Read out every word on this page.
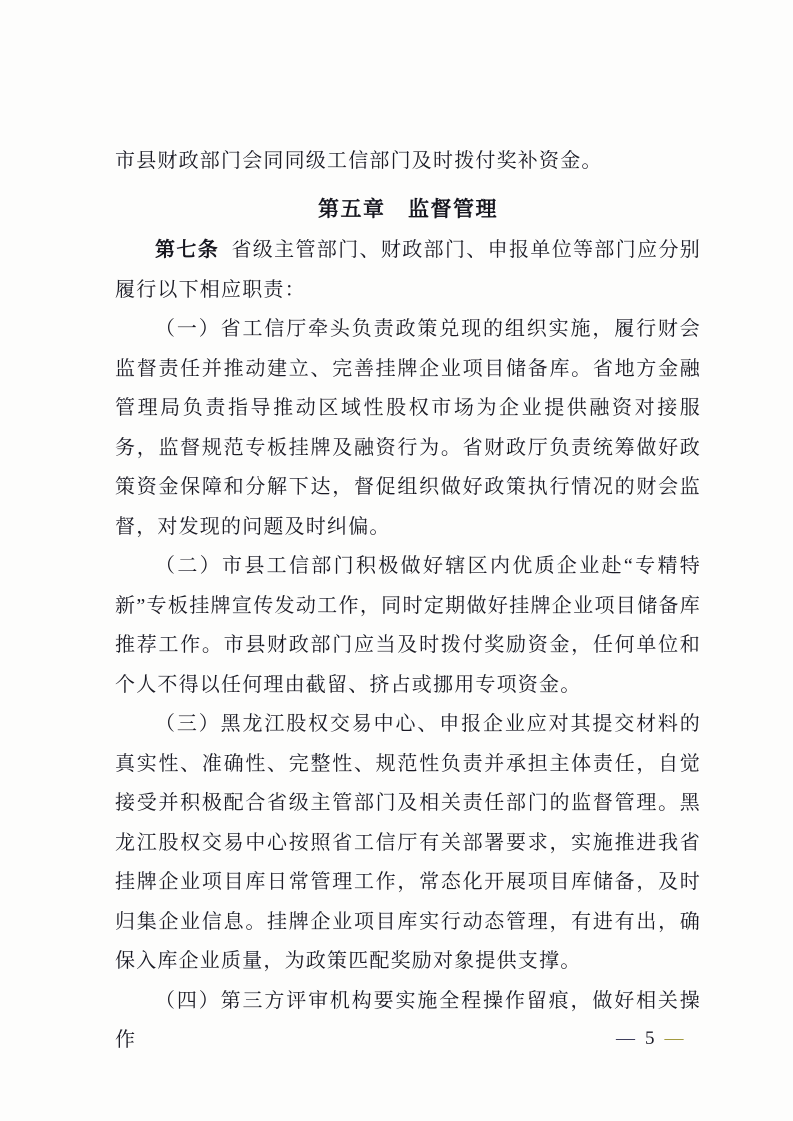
市县财政部门会同同级工信部门及时拨付奖补资金。

第五章　监督管理

第七条 省级主管部门、财政部门、申报单位等部门应分别履行以下相应职责：

（一）省工信厅牵头负责政策兑现的组织实施，履行财会监督责任并推动建立、完善挂牌企业项目储备库。省地方金融管理局负责指导推动区域性股权市场为企业提供融资对接服务，监督规范专板挂牌及融资行为。省财政厅负责统筹做好政策资金保障和分解下达，督促组织做好政策执行情况的财会监督，对发现的问题及时纠偏。

（二）市县工信部门积极做好辖区内优质企业赴“专精特新”专板挂牌宣传发动工作，同时定期做好挂牌企业项目储备库推荐工作。市县财政部门应当及时拨付奖励资金，任何单位和个人不得以任何理由截留、挤占或挪用专项资金。

（三）黑龙江股权交易中心、申报企业应对其提交材料的真实性、准确性、完整性、规范性负责并承担主体责任，自觉接受并积极配合省级主管部门及相关责任部门的监督管理。黑龙江股权交易中心按照省工信厅有关部署要求，实施推进我省挂牌企业项目库日常管理工作，常态化开展项目库储备，及时归集企业信息。挂牌企业项目库实行动态管理，有进有出，确保入库企业质量，为政策匹配奖励对象提供支撑。

（四）第三方评审机构要实施全程操作留痕，做好相关操作	— 5 —
